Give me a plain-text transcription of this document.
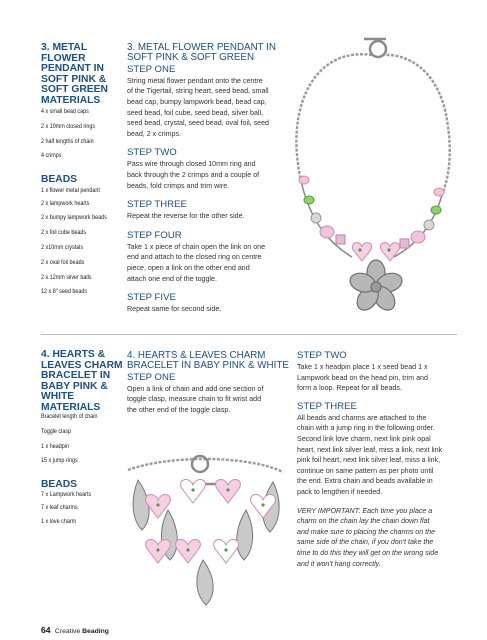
3. METAL FLOWER PENDANT IN SOFT PINK & SOFT GREEN
MATERIALS
4 x small bead caps
2 x 10mm closed rings
2 half lengths of chain
4 crimps
BEADS
1 x flower metal pendant
2 x lampwork hearts
2 x bumpy lampwork beads
2 x foil cube beads
2 x10mm crystals
2 x oval foil beads
2 x 12mm silver balls
12 x 8" seed beads
3. METAL FLOWER PENDANT IN
SOFT PINK & SOFT GREEN
STEP ONE
String metal flower pendant onto the centre
of the Tigertail, string heart, seed bead, small
bead cap, bumpy lampwork bead, bead cap,
seed bead, foil cube, seed bead, silver ball,
seed bead, crystal, seed bead, oval foil, seed
bead, 2 x crimps.
STEP TWO
Pass wire through closed 10mm ring and
back through the 2 crimps and a couple of
beads, fold crimps and trim wire.
STEP THREE
Repeat the reverse for the other side.
STEP FOUR
Take 1 x piece of chain open the link on one
end and attach to the closed ring on centre
piece, open a link on the other end and
attach one end of the toggle.
STEP FIVE
Repeat same for second side.
4. HEARTS & LEAVES CHARM BRACELET IN BABY PINK & WHITE
MATERIALS
Bracelet length of chain
Toggle clasp
1 x headpin
15 x jump rings
BEADS
7 x Lampwork hearts
7 x leaf charms
1 x love charm
4. HEARTS & LEAVES CHARM
BRACELET IN BABY PINK & WHITE
STEP ONE
Open a link of chain and add one section of
toggle clasp, measure chain to fit wrist add
the other end of the toggle clasp.
STEP TWO
Take 1 x headpin place 1 x seed bead 1 x
Lampwork bead on the head pin, trim and
form a loop. Repeat for all beads.
STEP THREE
All beads and charms are attached to the
chain with a jump ring in the following order.
Second link love charm, next link pink opal
heart, next link silver leaf, miss a link, next link
pink foil heart, next link silver leaf, miss a link,
continue on same pattern as per photo until
the end. Extra chain and beads available in
pack to lengthen if needed.
VERY IMPORTANT: Each time you place a
charm on the chain lay the chain down flat
and make sure to placing the charms on the
same side of the chain, if you don't take the
time to do this they will get on the wrong side
and it won't hang correctly.
64 Creative Beading
